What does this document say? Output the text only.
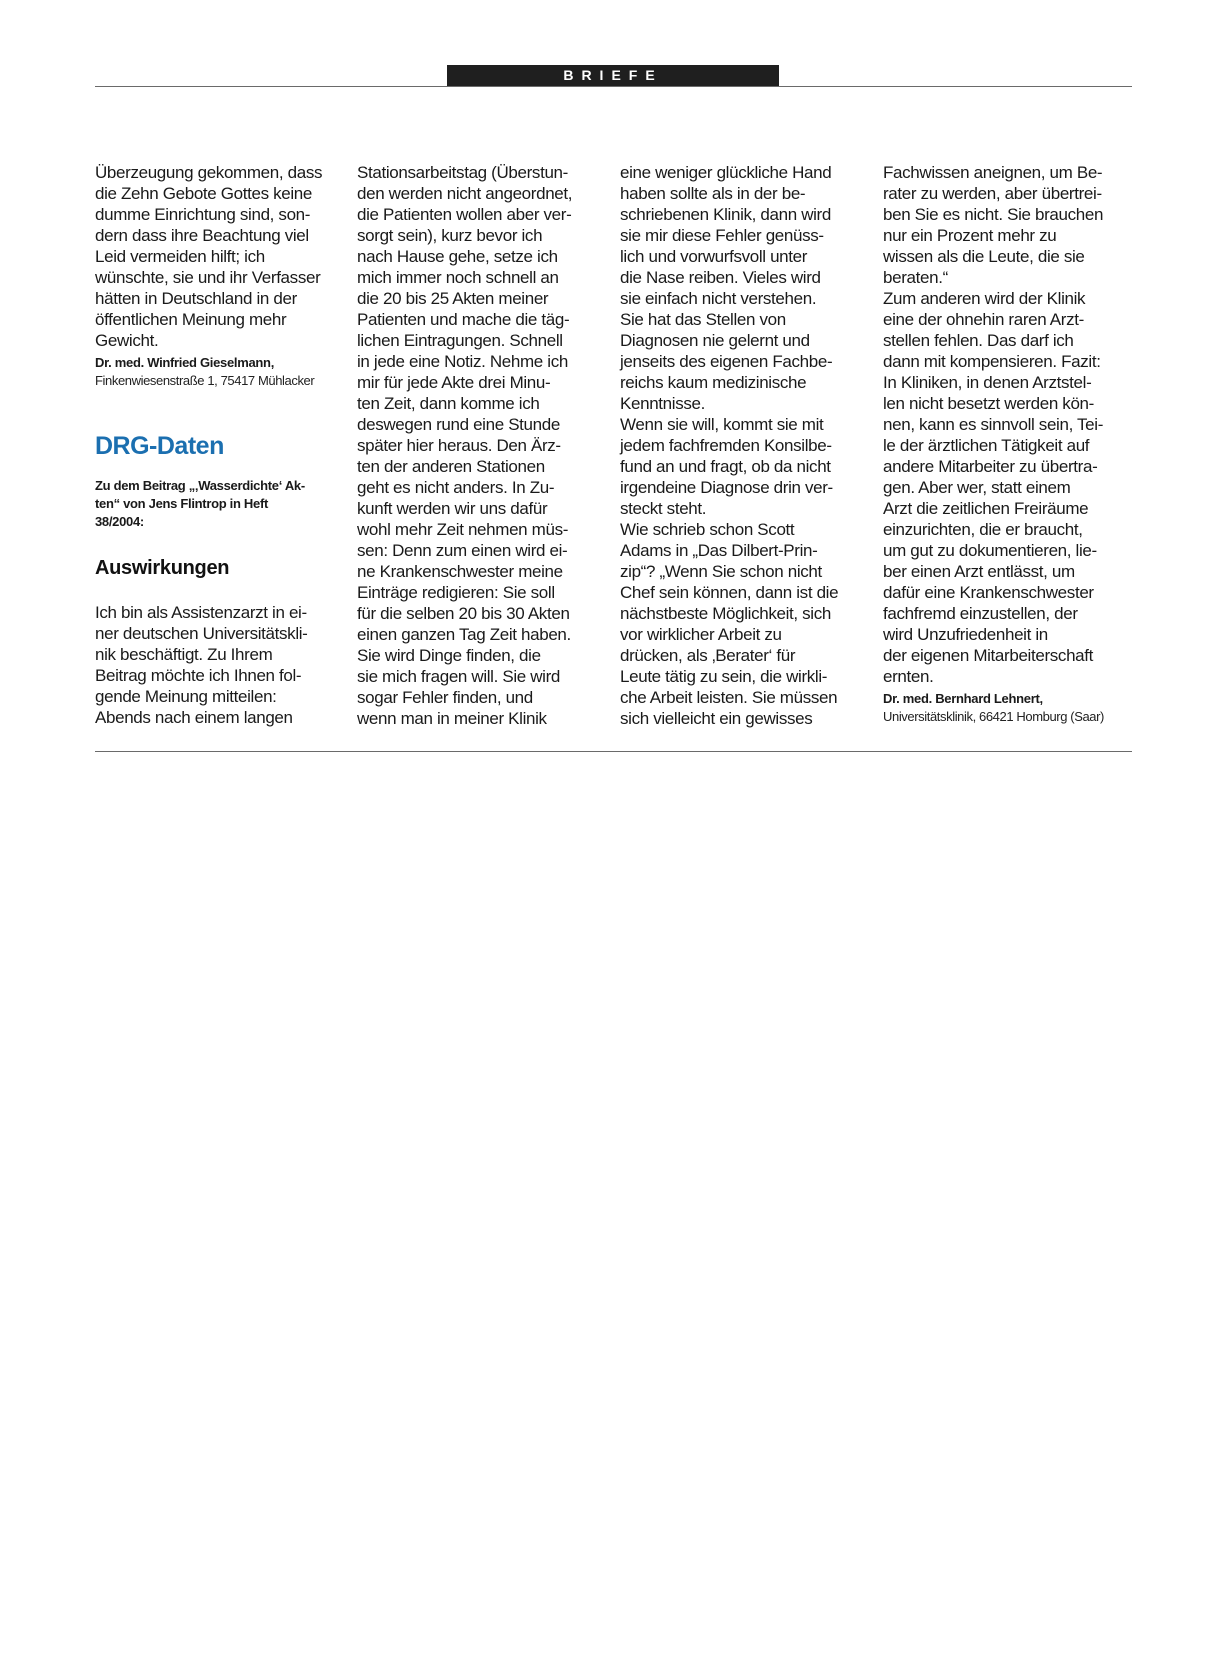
BRIEFE
Überzeugung gekommen, dass
die Zehn Gebote Gottes keine
dumme Einrichtung sind, son-
dern dass ihre Beachtung viel
Leid vermeiden hilft; ich
wünschte, sie und ihr Verfasser
hätten in Deutschland in der
öffentlichen Meinung mehr
Gewicht.
Dr. med. Winfried Gieselmann,
Finkenwiesenstraße 1, 75417 Mühlacker
DRG-Daten
Zu dem Beitrag „‚Wasserdichte‘ Ak-
ten“ von Jens Flintrop in Heft
38/2004:
Auswirkungen
Ich bin als Assistenzarzt in ei-
ner deutschen Universitätskli-
nik beschäftigt. Zu Ihrem
Beitrag möchte ich Ihnen fol-
gende Meinung mitteilen:
Abends nach einem langen
Stationsarbeitstag (Überstun-
den werden nicht angeordnet,
die Patienten wollen aber ver-
sorgt sein), kurz bevor ich
nach Hause gehe, setze ich
mich immer noch schnell an
die 20 bis 25 Akten meiner
Patienten und mache die täg-
lichen Eintragungen. Schnell
in jede eine Notiz. Nehme ich
mir für jede Akte drei Minu-
ten Zeit, dann komme ich
deswegen rund eine Stunde
später hier heraus. Den Ärz-
ten der anderen Stationen
geht es nicht anders. In Zu-
kunft werden wir uns dafür
wohl mehr Zeit nehmen müs-
sen: Denn zum einen wird ei-
ne Krankenschwester meine
Einträge redigieren: Sie soll
für die selben 20 bis 30 Akten
einen ganzen Tag Zeit haben.
Sie wird Dinge finden, die
sie mich fragen will. Sie wird
sogar Fehler finden, und
wenn man in meiner Klinik
eine weniger glückliche Hand
haben sollte als in der be-
schriebenen Klinik, dann wird
sie mir diese Fehler genüss-
lich und vorwurfsvoll unter
die Nase reiben. Vieles wird
sie einfach nicht verstehen.
Sie hat das Stellen von
Diagnosen nie gelernt und
jenseits des eigenen Fachbe-
reichs kaum medizinische
Kenntnisse.
Wenn sie will, kommt sie mit
jedem fachfremden Konsilbe-
fund an und fragt, ob da nicht
irgendeine Diagnose drin ver-
steckt steht.
Wie schrieb schon Scott
Adams in „Das Dilbert-Prin-
zip“? „Wenn Sie schon nicht
Chef sein können, dann ist die
nächstbeste Möglichkeit, sich
vor wirklicher Arbeit zu
drücken, als ‚Berater‘ für
Leute tätig zu sein, die wirkli-
che Arbeit leisten. Sie müssen
sich vielleicht ein gewisses
Fachwissen aneignen, um Be-
rater zu werden, aber übertrei-
ben Sie es nicht. Sie brauchen
nur ein Prozent mehr zu
wissen als die Leute, die sie
beraten.“
Zum anderen wird der Klinik
eine der ohnehin raren Arzt-
stellen fehlen. Das darf ich
dann mit kompensieren. Fazit:
In Kliniken, in denen Arztstel-
len nicht besetzt werden kön-
nen, kann es sinnvoll sein, Tei-
le der ärztlichen Tätigkeit auf
andere Mitarbeiter zu übertra-
gen. Aber wer, statt einem
Arzt die zeitlichen Freiräume
einzurichten, die er braucht,
um gut zu dokumentieren, lie-
ber einen Arzt entlässt, um
dafür eine Krankenschwester
fachfremd einzustellen, der
wird Unzufriedenheit in
der eigenen Mitarbeiterschaft
ernten.
Dr. med. Bernhard Lehnert,
Universitätsklinik, 66421 Homburg (Saar)
